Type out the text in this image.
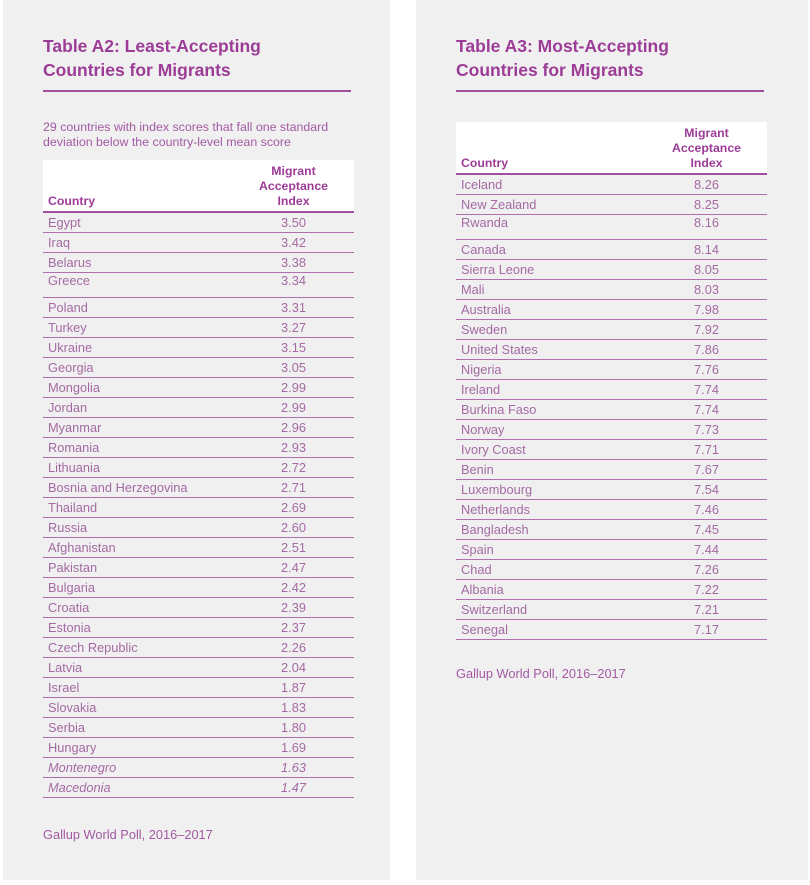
Table A2: Least-Accepting
Countries for Migrants
29 countries with index scores that fall one standard
deviation below the country-level mean score
Country	Migrant
Acceptance
Index
Egypt	3.50
Iraq	3.42
Belarus	3.38
Greece	3.34
Poland	3.31
Turkey	3.27
Ukraine	3.15
Georgia	3.05
Mongolia	2.99
Jordan	2.99
Myanmar	2.96
Romania	2.93
Lithuania	2.72
Bosnia and Herzegovina	2.71
Thailand	2.69
Russia	2.60
Afghanistan	2.51
Pakistan	2.47
Bulgaria	2.42
Croatia	2.39
Estonia	2.37
Czech Republic	2.26
Latvia	2.04
Israel	1.87
Slovakia	1.83
Serbia	1.80
Hungary	1.69
Montenegro	1.63
Macedonia	1.47
Gallup World Poll, 2016–2017
Table A3: Most-Accepting
Countries for Migrants
Country	Migrant
Acceptance
Index
Iceland	8.26
New Zealand	8.25
Rwanda	8.16
Canada	8.14
Sierra Leone	8.05
Mali	8.03
Australia	7.98
Sweden	7.92
United States	7.86
Nigeria	7.76
Ireland	7.74
Burkina Faso	7.74
Norway	7.73
Ivory Coast	7.71
Benin	7.67
Luxembourg	7.54
Netherlands	7.46
Bangladesh	7.45
Spain	7.44
Chad	7.26
Albania	7.22
Switzerland	7.21
Senegal	7.17
Gallup World Poll, 2016–2017
